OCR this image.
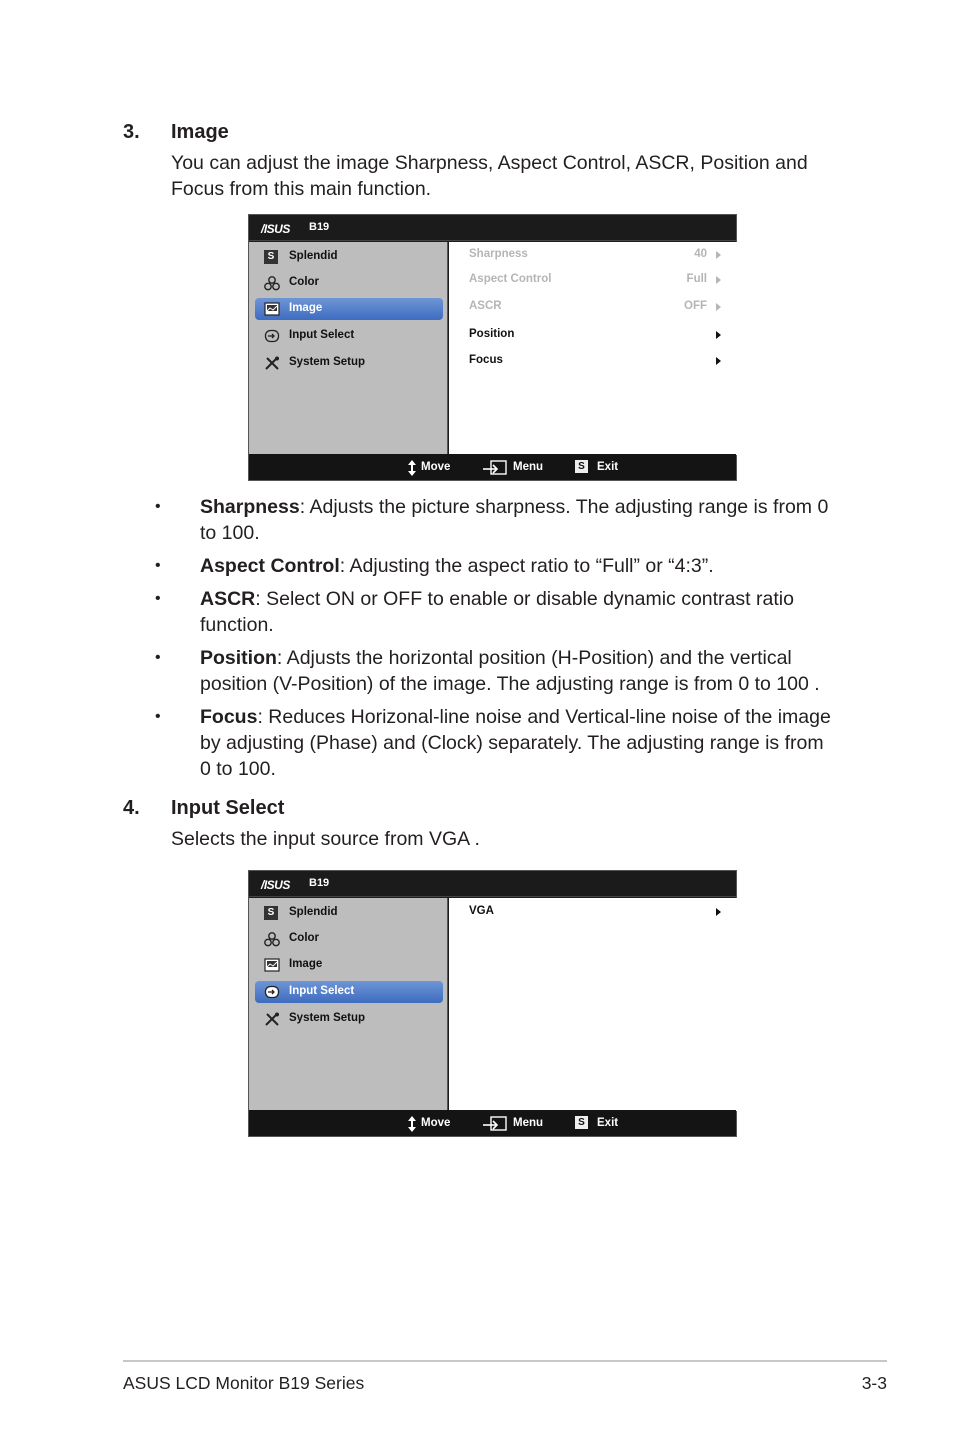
3. Image
You can adjust the image Sharpness, Aspect Control, ASCR, Position and
Focus from this main function.
/ISUS B19
S	Splendid
Color
Image
Input Select
System Setup
Sharpness	40
Aspect Control	Full
ASCR	OFF
Position
Focus
Move	Menu	S Exit
• Sharpness: Adjusts the picture sharpness. The adjusting range is from 0
to 100.
• Aspect Control: Adjusting the aspect ratio to “Full” or “4:3”.
• ASCR: Select ON or OFF to enable or disable dynamic contrast ratio
function.
• Position: Adjusts the horizontal position (H-Position) and the vertical
position (V-Position) of the image. The adjusting range is from 0 to 100 .
• Focus: Reduces Horizonal-line noise and Vertical-line noise of the image
by adjusting (Phase) and (Clock) separately. The adjusting range is from
0 to 100.
4. Input Select
Selects the input source from VGA .
/ISUS B19
S	Splendid
Color
Image
Input Select
System Setup
VGA
Move	Menu	S Exit
ASUS LCD Monitor B19 Series	3-3
